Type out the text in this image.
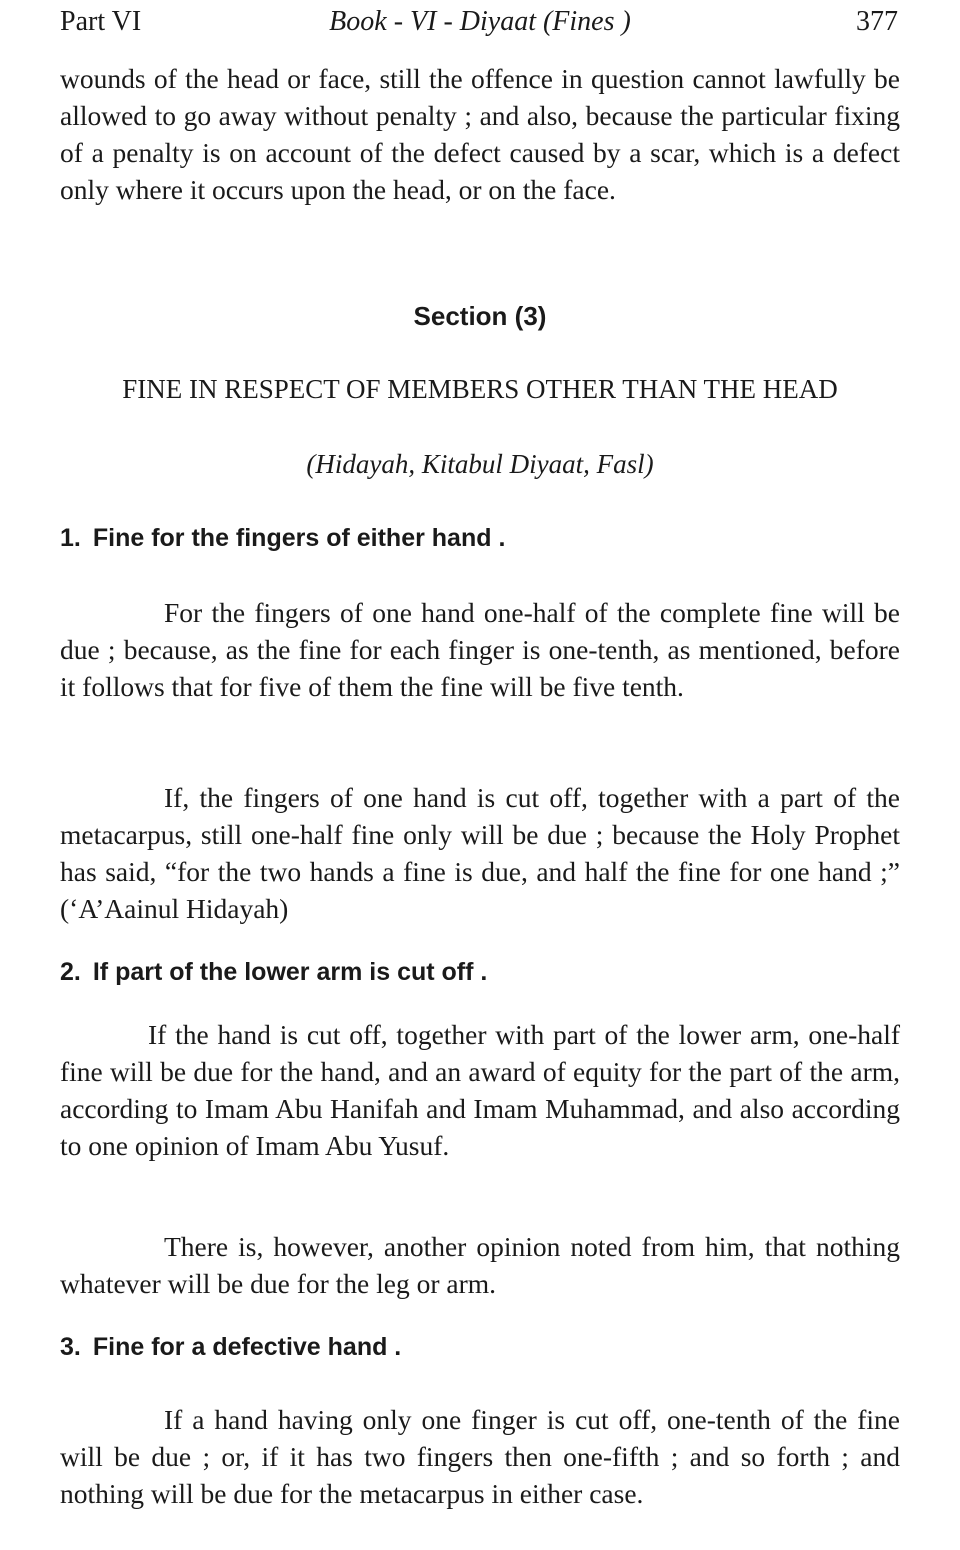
Part VI	Book - VI - Diyaat (Fines )	377

wounds of the head or face, still the offence in question cannot lawfully be allowed to go away without penalty ; and also, because the particular fixing of a penalty is on account of the defect caused by a scar, which is a defect only where it occurs upon the head, or on the face.

Section (3)
FINE IN RESPECT OF MEMBERS OTHER THAN THE HEAD
(Hidayah, Kitabul Diyaat, Fasl)
1. Fine for the fingers of either hand .

For the fingers of one hand one-half of the complete fine will be due ; because, as the fine for each finger is one-tenth, as mentioned, before it follows that for five of them the fine will be five tenth.

If, the fingers of one hand is cut off, together with a part of the metacarpus, still one-half fine only will be due ; because the Holy Prophet has said, “for the two hands a fine is due, and half the fine for one hand ;” (‘A’Aainul Hidayah)

2. If part of the lower arm is cut off .

If the hand is cut off, together with part of the lower arm, one-half fine will be due for the hand, and an award of equity for the part of the arm, according to Imam Abu Hanifah and Imam Muhammad, and also according to one opinion of Imam Abu Yusuf.

There is, however, another opinion noted from him, that nothing whatever will be due for the leg or arm.

3. Fine for a defective hand .

If a hand having only one finger is cut off, one-tenth of the fine will be due ; or, if it has two fingers then one-fifth ; and so forth ; and nothing will be due for the metacarpus in either case.
